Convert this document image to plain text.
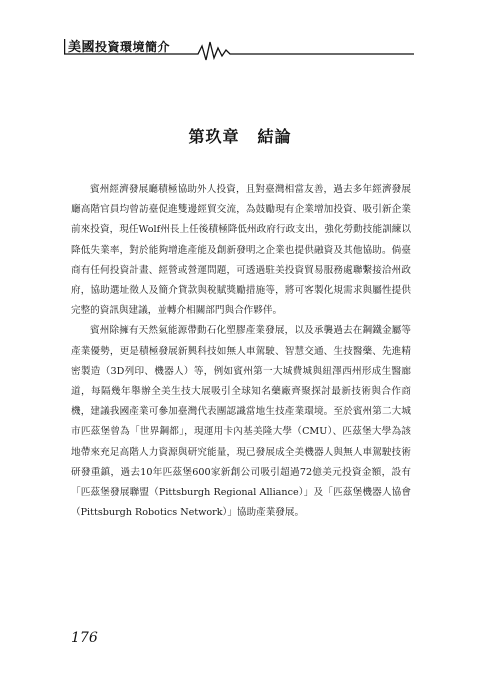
美國投資環境簡介
第玖章 結論

賓州經濟發展廳積極協助外人投資，且對臺灣相當友善，過去多年經濟發展廳高階官員均曾訪臺促進雙邊經貿交流，為鼓勵現有企業增加投資、吸引新企業前來投資，現任Wolf州長上任後積極降低州政府行政支出，強化勞動技能訓練以降低失業率，對於能夠增進產能及創新發明之企業也提供融資及其他協助。倘臺商有任何投資計畫、經營或營運問題，可透過駐美投資貿易服務處聯繫接洽州政府，協助選址徵人及簡介貸款與稅賦獎勵措施等，將可客製化規需求與屬性提供完整的資訊與建議，並轉介相關部門與合作夥伴。

賓州除擁有天然氣能源帶動石化塑膠產業發展，以及承襲過去在鋼鐵金屬等產業優勢，更是積極發展新興科技如無人車駕駛、智慧交通、生技醫藥、先進精密製造（3D列印、機器人）等，例如賓州第一大城費城與紐澤西州形成生醫廊道，每隔幾年舉辦全美生技大展吸引全球知名藥廠齊聚探討最新技術與合作商機，建議我國產業可參加臺灣代表團認識當地生技產業環境。至於賓州第二大城市匹茲堡曾為「世界鋼都」，現運用卡內基美隆大學（CMU）、匹茲堡大學為該地帶來充足高階人力資源與研究能量，現已發展成全美機器人與無人車駕駛技術研發重鎮，過去10年匹茲堡600家新創公司吸引超過72億美元投資金額，設有「匹茲堡發展聯盟（Pittsburgh Regional Alliance）」及「匹茲堡機器人協會（Pittsburgh Robotics Network）」協助產業發展。

176
